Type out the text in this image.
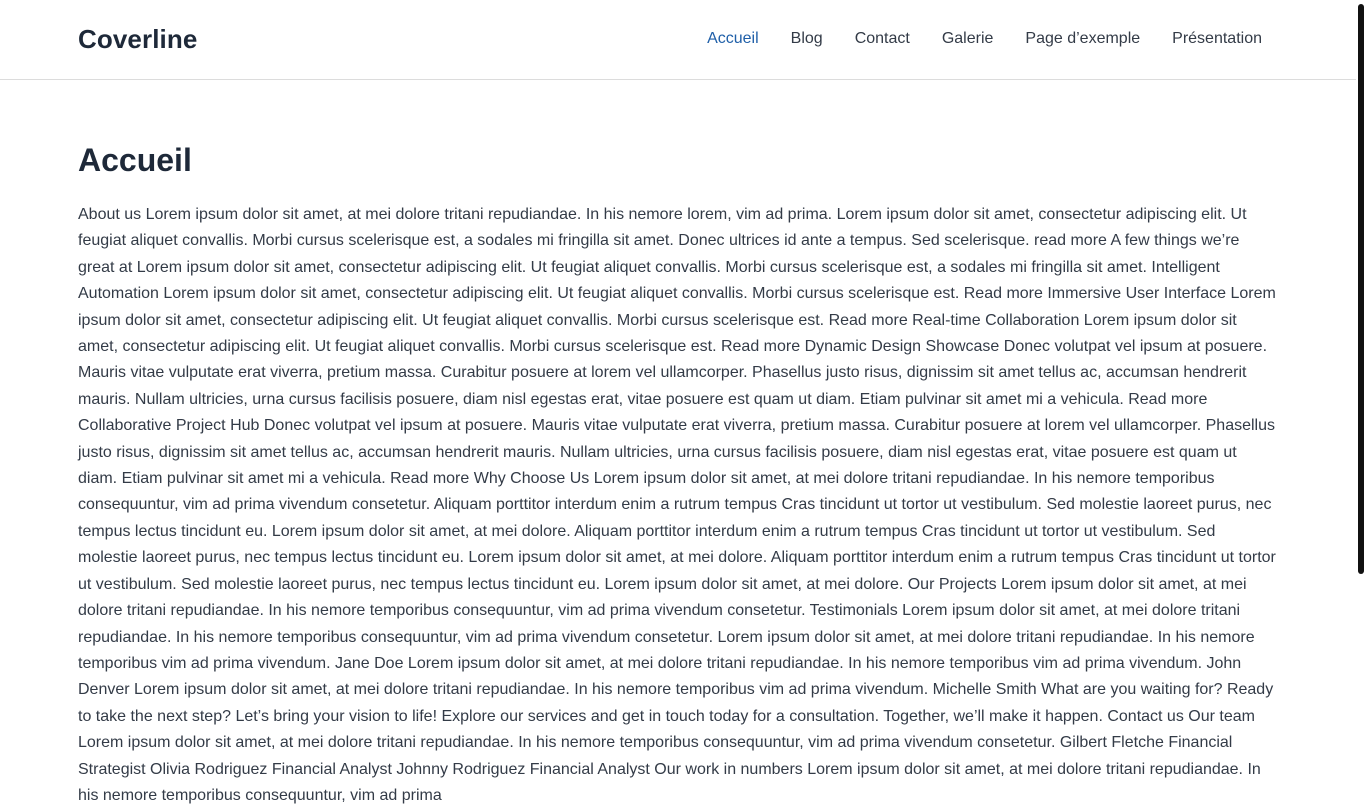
Coverline	Accueil Blog Contact Galerie Page d’exemple Présentation
Accueil
About us Lorem ipsum dolor sit amet, at mei dolore tritani repudiandae. In his nemore lorem, vim ad prima. Lorem ipsum dolor sit amet, consectetur adipiscing elit. Ut feugiat aliquet convallis. Morbi cursus scelerisque est, a sodales mi fringilla sit amet. Donec ultrices id ante a tempus. Sed scelerisque. read more A few things we’re great at Lorem ipsum dolor sit amet, consectetur adipiscing elit. Ut feugiat aliquet convallis. Morbi cursus scelerisque est, a sodales mi fringilla sit amet. Intelligent Automation Lorem ipsum dolor sit amet, consectetur adipiscing elit. Ut feugiat aliquet convallis. Morbi cursus scelerisque est. Read more Immersive User Interface Lorem ipsum dolor sit amet, consectetur adipiscing elit. Ut feugiat aliquet convallis. Morbi cursus scelerisque est. Read more Real-time Collaboration Lorem ipsum dolor sit amet, consectetur adipiscing elit. Ut feugiat aliquet convallis. Morbi cursus scelerisque est. Read more Dynamic Design Showcase Donec volutpat vel ipsum at posuere. Mauris vitae vulputate erat viverra, pretium massa. Curabitur posuere at lorem vel ullamcorper. Phasellus justo risus, dignissim sit amet tellus ac, accumsan hendrerit mauris. Nullam ultricies, urna cursus facilisis posuere, diam nisl egestas erat, vitae posuere est quam ut diam. Etiam pulvinar sit amet mi a vehicula. Read more Collaborative Project Hub Donec volutpat vel ipsum at posuere. Mauris vitae vulputate erat viverra, pretium massa. Curabitur posuere at lorem vel ullamcorper. Phasellus justo risus, dignissim sit amet tellus ac, accumsan hendrerit mauris. Nullam ultricies, urna cursus facilisis posuere, diam nisl egestas erat, vitae posuere est quam ut diam. Etiam pulvinar sit amet mi a vehicula. Read more Why Choose Us Lorem ipsum dolor sit amet, at mei dolore tritani repudiandae. In his nemore temporibus consequuntur, vim ad prima vivendum consetetur. Aliquam porttitor interdum enim a rutrum tempus Cras tincidunt ut tortor ut vestibulum. Sed molestie laoreet purus, nec tempus lectus tincidunt eu. Lorem ipsum dolor sit amet, at mei dolore. Aliquam porttitor interdum enim a rutrum tempus Cras tincidunt ut tortor ut vestibulum. Sed molestie laoreet purus, nec tempus lectus tincidunt eu. Lorem ipsum dolor sit amet, at mei dolore. Aliquam porttitor interdum enim a rutrum tempus Cras tincidunt ut tortor ut vestibulum. Sed molestie laoreet purus, nec tempus lectus tincidunt eu. Lorem ipsum dolor sit amet, at mei dolore. Our Projects Lorem ipsum dolor sit amet, at mei dolore tritani repudiandae. In his nemore temporibus consequuntur, vim ad prima vivendum consetetur. Testimonials Lorem ipsum dolor sit amet, at mei dolore tritani repudiandae. In his nemore temporibus consequuntur, vim ad prima vivendum consetetur. Lorem ipsum dolor sit amet, at mei dolore tritani repudiandae. In his nemore temporibus vim ad prima vivendum. Jane Doe Lorem ipsum dolor sit amet, at mei dolore tritani repudiandae. In his nemore temporibus vim ad prima vivendum. John Denver Lorem ipsum dolor sit amet, at mei dolore tritani repudiandae. In his nemore temporibus vim ad prima vivendum. Michelle Smith What are you waiting for? Ready to take the next step? Let’s bring your vision to life! Explore our services and get in touch today for a consultation. Together, we’ll make it happen. Contact us Our team Lorem ipsum dolor sit amet, at mei dolore tritani repudiandae. In his nemore temporibus consequuntur, vim ad prima vivendum consetetur. Gilbert Fletche Financial Strategist Olivia Rodriguez Financial Analyst Johnny Rodriguez Financial Analyst Our work in numbers Lorem ipsum dolor sit amet, at mei dolore tritani repudiandae. In his nemore temporibus consequuntur, vim ad prima
